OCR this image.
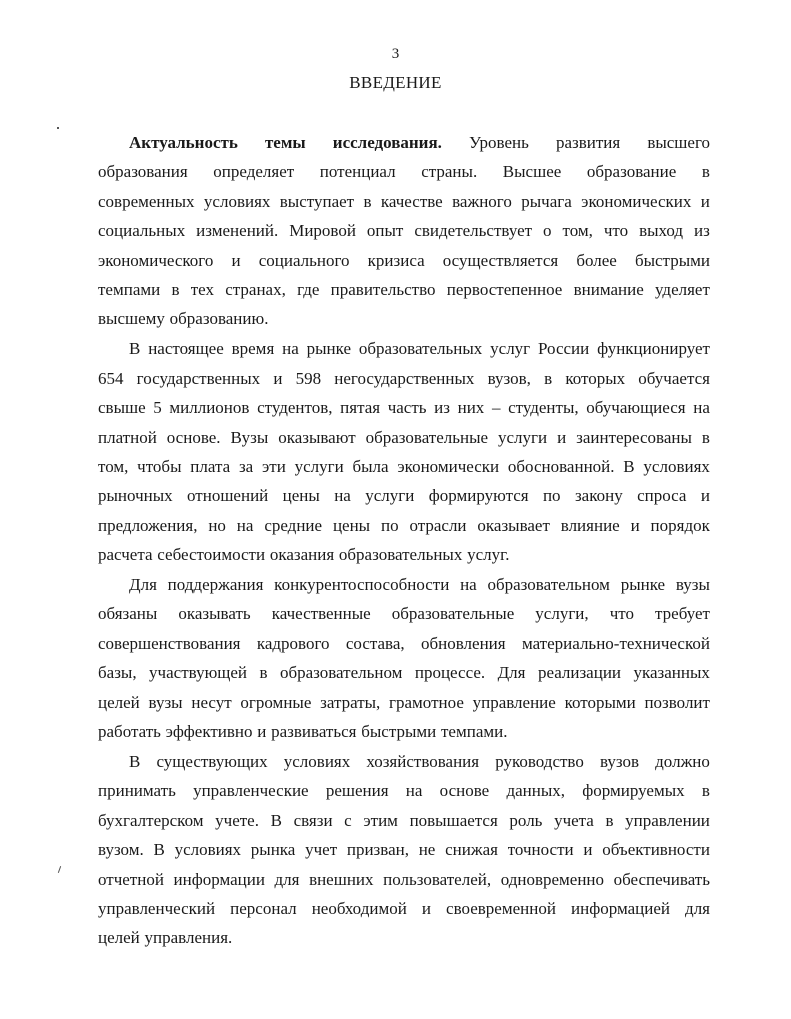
3
ВВЕДЕНИЕ
Актуальность темы исследования. Уровень развития высшего
образования определяет потенциал страны. Высшее образование в
современных условиях выступает в качестве важного рычага экономических и
социальных изменений. Мировой опыт свидетельствует о том, что выход из
экономического и социального кризиса осуществляется более быстрыми
темпами в тех странах, где правительство первостепенное внимание уделяет
высшему образованию.
В настоящее время на рынке образовательных услуг России функционирует
654 государственных и 598 негосударственных вузов, в которых обучается
свыше 5 миллионов студентов, пятая часть из них – студенты, обучающиеся на
платной основе. Вузы оказывают образовательные услуги и заинтересованы в
том, чтобы плата за эти услуги была экономически обоснованной. В условиях
рыночных отношений цены на услуги формируются по закону спроса и
предложения, но на средние цены по отрасли оказывает влияние и порядок
расчета себестоимости оказания образовательных услуг.
Для поддержания конкурентоспособности на образовательном рынке вузы
обязаны оказывать качественные образовательные услуги, что требует
совершенствования кадрового состава, обновления материально-технической
базы, участвующей в образовательном процессе. Для реализации указанных
целей вузы несут огромные затраты, грамотное управление которыми позволит
работать эффективно и развиваться быстрыми темпами.
В существующих условиях хозяйствования руководство вузов должно
принимать управленческие решения на основе данных, формируемых в
бухгалтерском учете. В связи с этим повышается роль учета в управлении
вузом. В условиях рынка учет призван, не снижая точности и объективности
отчетной информации для внешних пользователей, одновременно обеспечивать
управленческий персонал необходимой и своевременной информацией для
целей управления.
